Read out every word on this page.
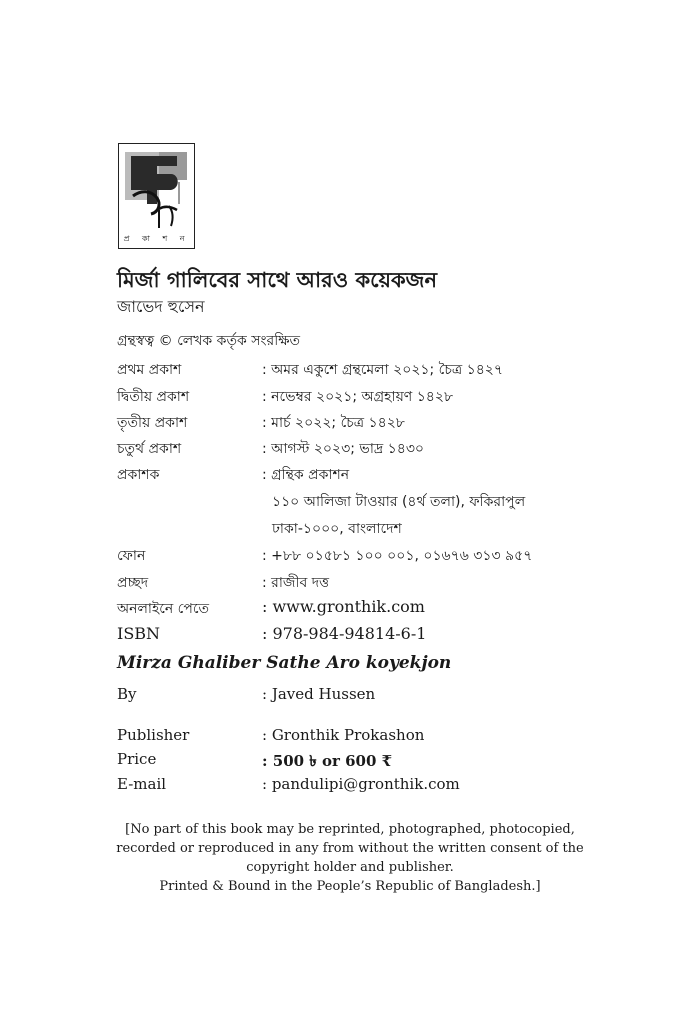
প্র কা শ ন
মির্জা গালিবের সাথে আরও কয়েকজন
জাভেদ হুসেন
গ্রন্থস্বত্ব © লেখক কর্তৃক সংরক্ষিত
প্রথম প্রকাশ	: অমর একুশে গ্রন্থমেলা ২০২১; চৈত্র ১৪২৭
দ্বিতীয় প্রকাশ	: নভেম্বর ২০২১; অগ্রহায়ণ ১৪২৮
তৃতীয় প্রকাশ	: মার্চ ২০২২; চৈত্র ১৪২৮
চতুর্থ প্রকাশ	: আগস্ট ২০২৩; ভাদ্র ১৪৩০
প্রকাশক	: গ্রন্থিক প্রকাশন
১১০ আলিজা টাওয়ার (৪র্থ তলা), ফকিরাপুল
ঢাকা-১০০০, বাংলাদেশ
ফোন	: +৮৮ ০১৫৮১ ১০০ ০০১, ০১৬৭৬ ৩১৩ ৯৫৭
প্রচ্ছদ	: রাজীব দত্ত
অনলাইনে পেতে	: www.gronthik.com
ISBN	: 978-984-94814-6-1
Mirza Ghaliber Sathe Aro koyekjon
By	: Javed Hussen
Publisher	: Gronthik Prokashon
Price	: 500 ৳ or 600 ₹
E-mail	: pandulipi@gronthik.com
[No part of this book may be reprinted, photographed, photocopied,
recorded or reproduced in any from without the written consent of the
copyright holder and publisher.
Printed & Bound in the People’s Republic of Bangladesh.]
